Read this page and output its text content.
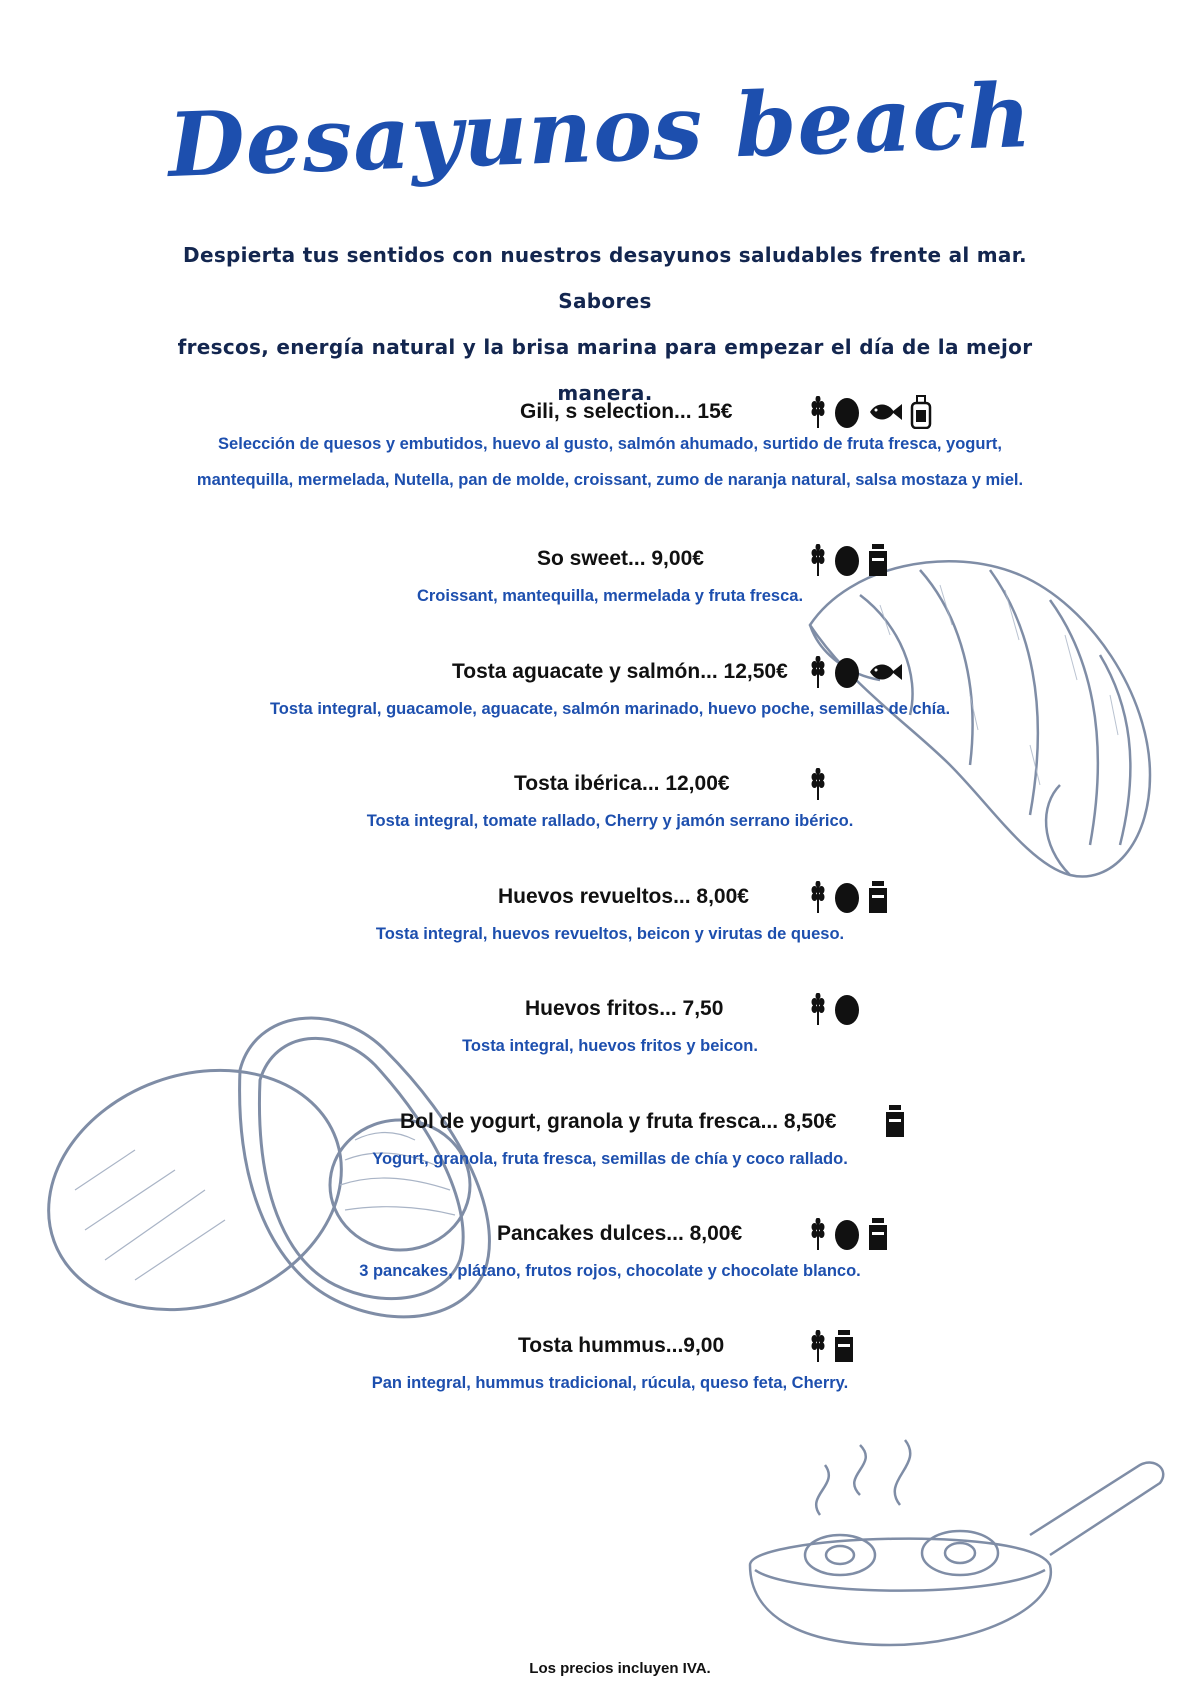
Desayunos beach
Despierta tus sentidos con nuestros desayunos saludables frente al mar. Sabores
frescos, energía natural y la brisa marina para empezar el día de la mejor manera.
Gili, s selection... 15€
Selección de quesos y embutidos, huevo al gusto, salmón ahumado, surtido de fruta fresca, yogurt,
mantequilla, mermelada, Nutella, pan de molde, croissant, zumo de naranja natural, salsa mostaza y miel.
So sweet... 9,00€
Croissant, mantequilla, mermelada y fruta fresca.
Tosta aguacate y salmón... 12,50€
Tosta integral, guacamole, aguacate, salmón marinado, huevo poche, semillas de chía.
Tosta ibérica... 12,00€
Tosta integral, tomate rallado, Cherry y jamón serrano ibérico.
Huevos revueltos... 8,00€
Tosta integral, huevos revueltos, beicon y virutas de queso.
Huevos fritos... 7,50
Tosta integral, huevos fritos y beicon.
Bol de yogurt, granola y fruta fresca... 8,50€
Yogurt, granola, fruta fresca, semillas de chía y coco rallado.
Pancakes dulces... 8,00€
3 pancakes, plátano, frutos rojos, chocolate y chocolate blanco.
Tosta hummus...9,00
Pan integral, hummus tradicional, rúcula, queso feta, Cherry.
Los precios incluyen IVA.
